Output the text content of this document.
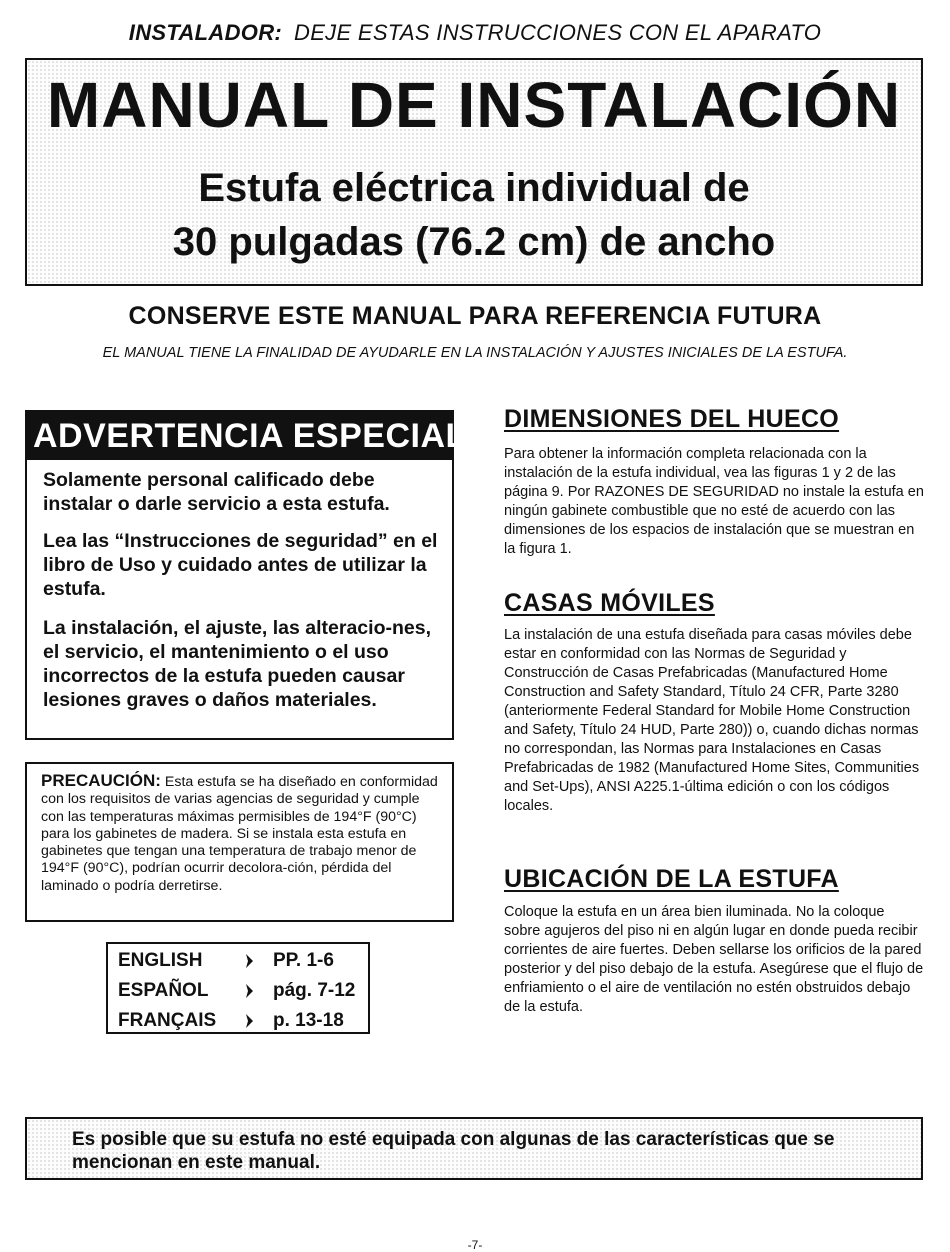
INSTALADOR: DEJE ESTAS INSTRUCCIONES CON EL APARATO
MANUAL DE INSTALACIÓN
Estufa eléctrica individual de
30 pulgadas (76.2 cm) de ancho
CONSERVE ESTE MANUAL PARA REFERENCIA FUTURA
EL MANUAL TIENE LA FINALIDAD DE AYUDARLE EN LA INSTALACIÓN Y AJUSTES INICIALES DE LA ESTUFA.
ADVERTENCIA ESPECIAL
Solamente personal calificado debe instalar o darle servicio a esta estufa.
Lea las “Instrucciones de seguridad” en el libro de Uso y cuidado antes de utilizar la estufa.
La instalación, el ajuste, las alteracio-nes, el servicio, el mantenimiento o el uso incorrectos de la estufa pueden causar lesiones graves o daños materiales.
PRECAUCIÓN: Esta estufa se ha diseñado en conformidad con los requisitos de varias agencias de seguridad y cumple con las temperaturas máximas permisibles de 194°F (90°C) para los gabinetes de madera. Si se instala esta estufa en gabinetes que tengan una temperatura de trabajo menor de 194°F (90°C), podrían ocurrir decolora-ción, pérdida del laminado o podría derretirse.
ENGLISH	PP. 1-6
ESPAÑOL	pág. 7-12
FRANÇAIS	p. 13-18
DIMENSIONES DEL HUECO
Para obtener la información completa relacionada con la instalación de la estufa individual, vea las figuras 1 y 2 de las página 9. Por RAZONES DE SEGURIDAD no instale la estufa en ningún gabinete combustible que no esté de acuerdo con las dimensiones de los espacios de instalación que se muestran en la figura 1.
CASAS MÓVILES
La instalación de una estufa diseñada para casas móviles debe estar en conformidad con las Normas de Seguridad y Construcción de Casas Prefabricadas (Manufactured Home Construction and Safety Standard, Título 24 CFR, Parte 3280 (anteriormente Federal Standard for Mobile Home Construction and Safety, Título 24 HUD, Parte 280)) o, cuando dichas normas no correspondan, las Normas para Instalaciones en Casas Prefabricadas de 1982 (Manufactured Home Sites, Communities and Set-Ups), ANSI A225.1-última edición o con los códigos locales.
UBICACIÓN DE LA ESTUFA
Coloque la estufa en un área bien iluminada. No la coloque sobre agujeros del piso ni en algún lugar en donde pueda recibir corrientes de aire fuertes. Deben sellarse los orificios de la pared posterior y del piso debajo de la estufa. Asegúrese que el flujo de enfriamiento o el aire de ventilación no estén obstruidos debajo de la estufa.
Es posible que su estufa no esté equipada con algunas de las características que se mencionan en este manual.
-7-
